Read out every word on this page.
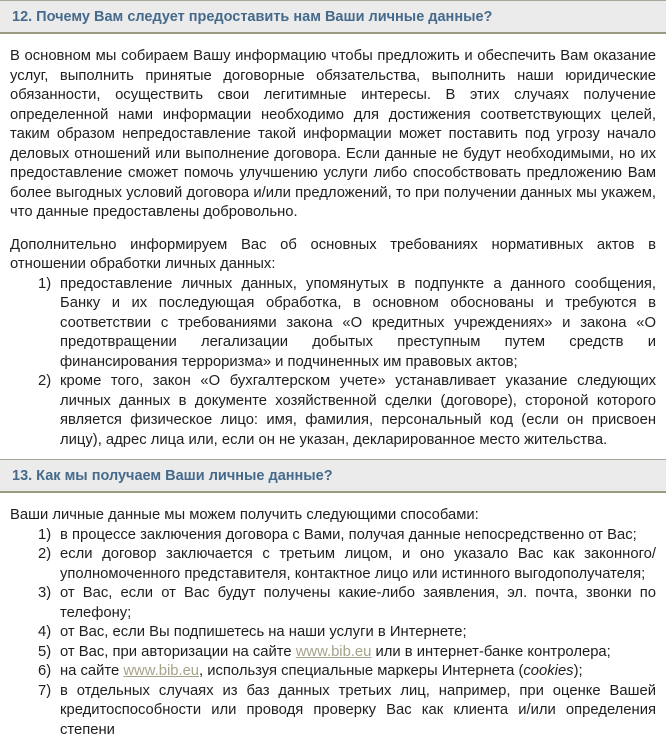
12. Почему Вам следует предоставить нам Ваши личные данные?

В основном мы собираем Вашу информацию чтобы предложить и обеспечить Вам оказание услуг, выполнить принятые договорные обязательства, выполнить наши юридические обязанности, осуществить свои легитимные интересы. В этих случаях получение определенной нами информации необходимо для достижения соответствующих целей, таким образом непредоставление такой информации может поставить под угрозу начало деловых отношений или выполнение договора. Если данные не будут необходимыми, но их предоставление сможет помочь улучшению услуги либо способствовать предложению Вам более выгодных условий договора и/или предложений, то при получении данных мы укажем, что данные предоставлены добровольно.

Дополнительно информируем Вас об основных требованиях нормативных актов в отношении обработки личных данных:

1) предоставление личных данных, упомянутых в подпункте а данного сообщения, Банку и их последующая обработка, в основном обоснованы и требуются в соответствии с требованиями закона «О кредитных учреждениях» и закона «О предотвращении легализации добытых преступным путем средств и финансирования терроризма» и подчиненных им правовых актов;
2) кроме того, закон «О бухгалтерском учете» устанавливает указание следующих личных данных в документе хозяйственной сделки (договоре), стороной которого является физическое лицо: имя, фамилия, персональный код (если он присвоен лицу), адрес лица или, если он не указан, декларированное место жительства.
13. Как мы получаем Ваши личные данные?

Ваши личные данные мы можем получить следующими способами:

1) в процессе заключения договора с Вами, получая данные непосредственно от Вас;
2) если договор заключается с третьим лицом, и оно указало Вас как законного/уполномоченного представителя, контактное лицо или истинного выгодополучателя;
3) от Вас, если от Вас будут получены какие-либо заявления, эл. почта, звонки по телефону;
4) от Вас, если Вы подпишетесь на наши услуги в Интернете;
5) от Вас, при авторизации на сайте www.bib.eu или в интернет-банке контролера;
6) на сайте www.bib.eu, используя специальные маркеры Интернета (cookies);
7) в отдельных случаях из баз данных третьих лиц, например, при оценке Вашей кредитоспособности или проводя проверку Вас как клиента и/или определения степени
